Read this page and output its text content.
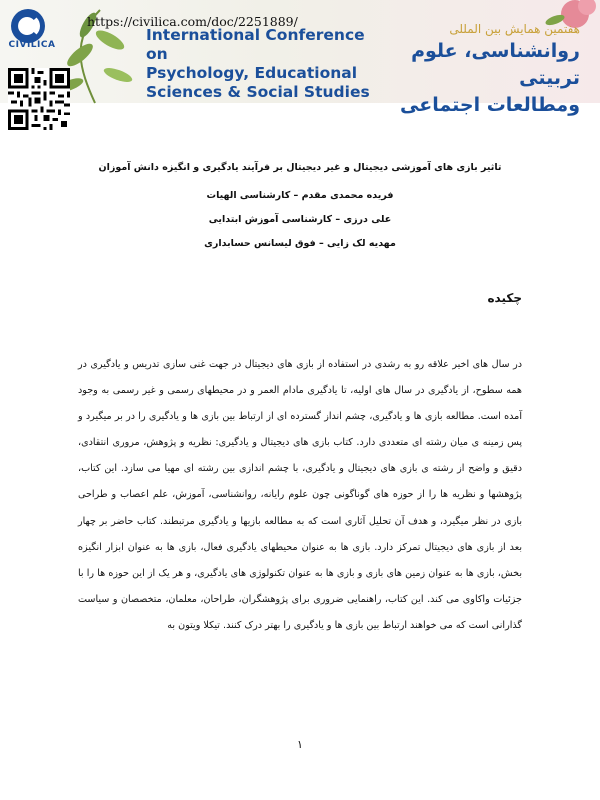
CIVILICA
https://civilica.com/doc/2251889/
International Conference on
Psychology, Educational
Sciences & Social Studies
هفتمین همایش بین المللی
روانشناسی، علوم تربیتی
ومطالعات اجتماعی
تاثیر بازی های آموزشی دیجیتال و غیر دیجیتال بر فرآیند یادگیری و انگیزه دانش آموزان
فریده محمدی مقدم – کارشناسی الهیات
علی درزی – کارشناسی آموزش ابتدایی
مهدیه لک زایی – فوق لیسانس حسابداری
چکیده

در سال های اخیر علاقه رو به رشدی در استفاده از بازی های دیجیتال در جهت غنی سازی تدریس و یادگیری در همه سطوح، از یادگیری در سال های اولیه، تا یادگیری مادام العمر و در محیطهای رسمی و غیر رسمی به وجود آمده است. مطالعه بازی ها و یادگیری، چشم انداز گسترده ای از ارتباط بین بازی ها و یادگیری را در بر میگیرد و پس زمینه ی میان رشته ای متعددی دارد. کتاب بازی های دیجیتال و یادگیری: نظریه و پژوهش، مروری انتقادی، دقیق و واضح از رشته ی بازی های دیجیتال و یادگیری، با چشم اندازی بین رشته ای مهیا می سازد. این کتاب، پژوهشها و نظریه ها را از حوزه های گوناگونی چون علوم رایانه، روانشناسی، آموزش، علم اعصاب و طراحی بازی در نظر میگیرد، و هدف آن تحلیل آثاری است که به مطالعه بازیها و یادگیری مرتبطند. کتاب حاضر بر چهار بعد از بازی های دیجیتال تمرکز دارد. بازی ها به عنوان محیطهای یادگیری فعال، بازی ها به عنوان ابزار انگیزه بخش، بازی ها به عنوان زمین های بازی و بازی ها به عنوان تکنولوژی های یادگیری، و هر یک از این حوزه ها را با جزئیات واکاوی می کند. این کتاب، راهنمایی ضروری برای پژوهشگران، طراحان، معلمان، متخصصان و سیاست گذارانی است که می خواهند ارتباط بین بازی ها و یادگیری را بهتر درک کنند. تیکلا ویتون به

۱
